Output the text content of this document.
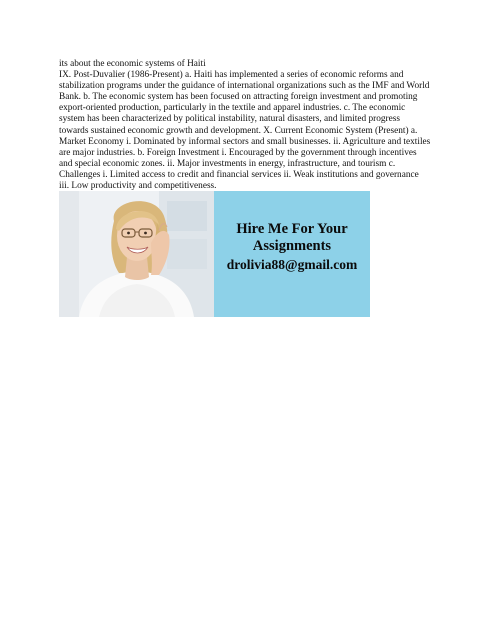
its about the economic systems of Haiti
IX. Post-Duvalier (1986-Present) a. Haiti has implemented a series of economic reforms and stabilization programs under the guidance of international organizations such as the IMF and World Bank. b. The economic system has been focused on attracting foreign investment and promoting export-oriented production, particularly in the textile and apparel industries. c. The economic system has been characterized by political instability, natural disasters, and limited progress towards sustained economic growth and development. X. Current Economic System (Present) a. Market Economy i. Dominated by informal sectors and small businesses. ii. Agriculture and textiles are major industries. b. Foreign Investment i. Encouraged by the government through incentives and special economic zones. ii. Major investments in energy, infrastructure, and tourism c. Challenges i. Limited access to credit and financial services ii. Weak institutions and governance iii. Low productivity and competitiveness.
Hire Me For Your
Assignments
drolivia88@gmail.com
